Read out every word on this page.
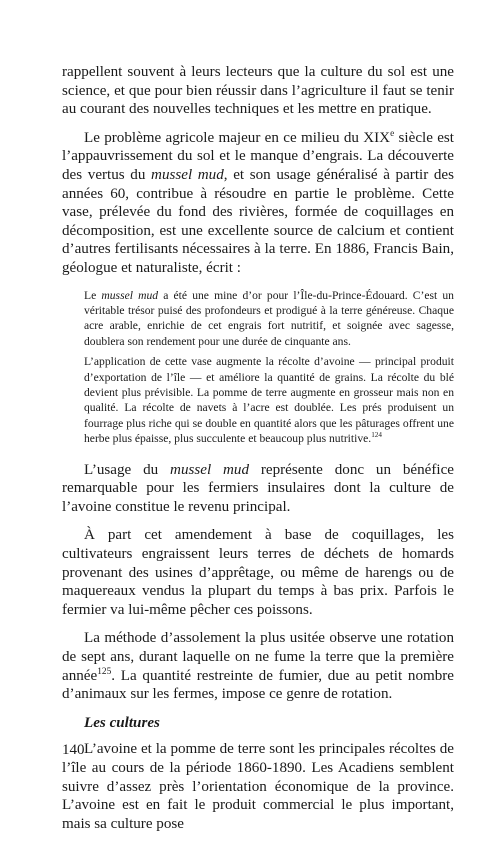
rappellent souvent à leurs lecteurs que la culture du sol est une science, et que pour bien réussir dans l’agriculture il faut se tenir au courant des nouvelles techniques et les mettre en pratique.

Le problème agricole majeur en ce milieu du XIXe siècle est l’appauvrissement du sol et le manque d’engrais. La découverte des vertus du mussel mud, et son usage généralisé à partir des années 60, contribue à résoudre en partie le problème. Cette vase, prélevée du fond des rivières, formée de coquillages en décomposition, est une excellente source de calcium et contient d’autres fertilisants nécessaires à la terre. En 1886, Francis Bain, géologue et naturaliste, écrit :

Le mussel mud a été une mine d’or pour l’Île-du-Prince-Édouard. C’est un véritable trésor puisé des profondeurs et prodigué à la terre généreuse. Chaque acre arable, enrichie de cet engrais fort nutritif, et soignée avec sagesse, doublera son rendement pour une durée de cinquante ans.

L’application de cette vase augmente la récolte d’avoine — principal produit d’exportation de l’île — et améliore la quantité de grains. La récolte du blé devient plus prévisible. La pomme de terre augmente en grosseur mais non en qualité. La récolte de navets à l’acre est doublée. Les prés produisent un fourrage plus riche qui se double en quantité alors que les pâturages offrent une herbe plus épaisse, plus succulente et beaucoup plus nutritive.$^{124}$

L’usage du mussel mud représente donc un bénéfice remarquable pour les fermiers insulaires dont la culture de l’avoine constitue le revenu principal.

À part cet amendement à base de coquillages, les cultivateurs engraissent leurs terres de déchets de homards provenant des usines d’apprêtage, ou même de harengs ou de maquereaux vendus la plupart du temps à bas prix. Parfois le fermier va lui-même pêcher ces poissons.

La méthode d’assolement la plus usitée observe une rotation de sept ans, durant laquelle on ne fume la terre que la première année$^{125}$. La quantité restreinte de fumier, due au petit nombre d’animaux sur les fermes, impose ce genre de rotation.

Les cultures

L’avoine et la pomme de terre sont les principales récoltes de l’île au cours de la période 1860-1890. Les Acadiens semblent suivre d’assez près l’orientation économique de la province. L’avoine est en fait le produit commercial le plus important, mais sa culture pose

140
